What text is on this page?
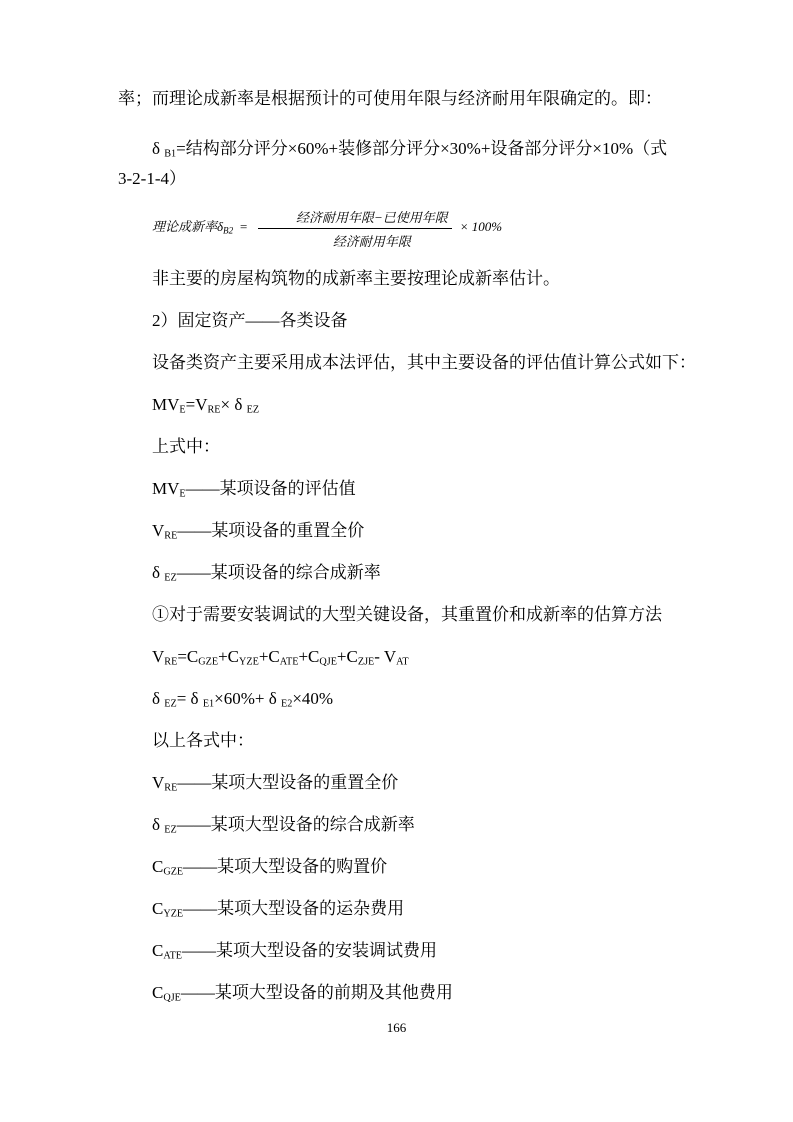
率；而理论成新率是根据预计的可使用年限与经济耐用年限确定的。即：
δ $_{B1}$=结构部分评分×60%+装修部分评分×30%+设备部分评分×10%（式
3-2-1-4）
理论成新率$\delta_{B2} = \frac{\text{经济耐用年限−已使用年限}}{\text{经济耐用年限}} \times 100\%$
非主要的房屋构筑物的成新率主要按理论成新率估计。
2）固定资产——各类设备
设备类资产主要采用成本法评估，其中主要设备的评估值计算公式如下：
$MV_E=V_{RE}\times \delta$ $_{EZ}$
上式中：
$MV_E——$某项设备的评估值
$V_{RE}——$某项设备的重置全价
δ $_{EZ}$——某项设备的综合成新率
①对于需要安装调试的大型关键设备，其重置价和成新率的估算方法
$V_{RE}=C_{GZE}+C_{YZE}+C_{ATE}+C_{QJE}+C_{ZJE}-$ $V_{AT}$
δ $_{EZ}$= δ $_{E1}$×60%+ δ $_{E2}$×40%
以上各式中：
$V_{RE}——$某项大型设备的重置全价
δ $_{EZ}$——某项大型设备的综合成新率
$C_{GZE}——$某项大型设备的购置价
$C_{YZE}——$某项大型设备的运杂费用
$C_{ATE}——$某项大型设备的安装调试费用
$C_{QJE}——$某项大型设备的前期及其他费用
166
